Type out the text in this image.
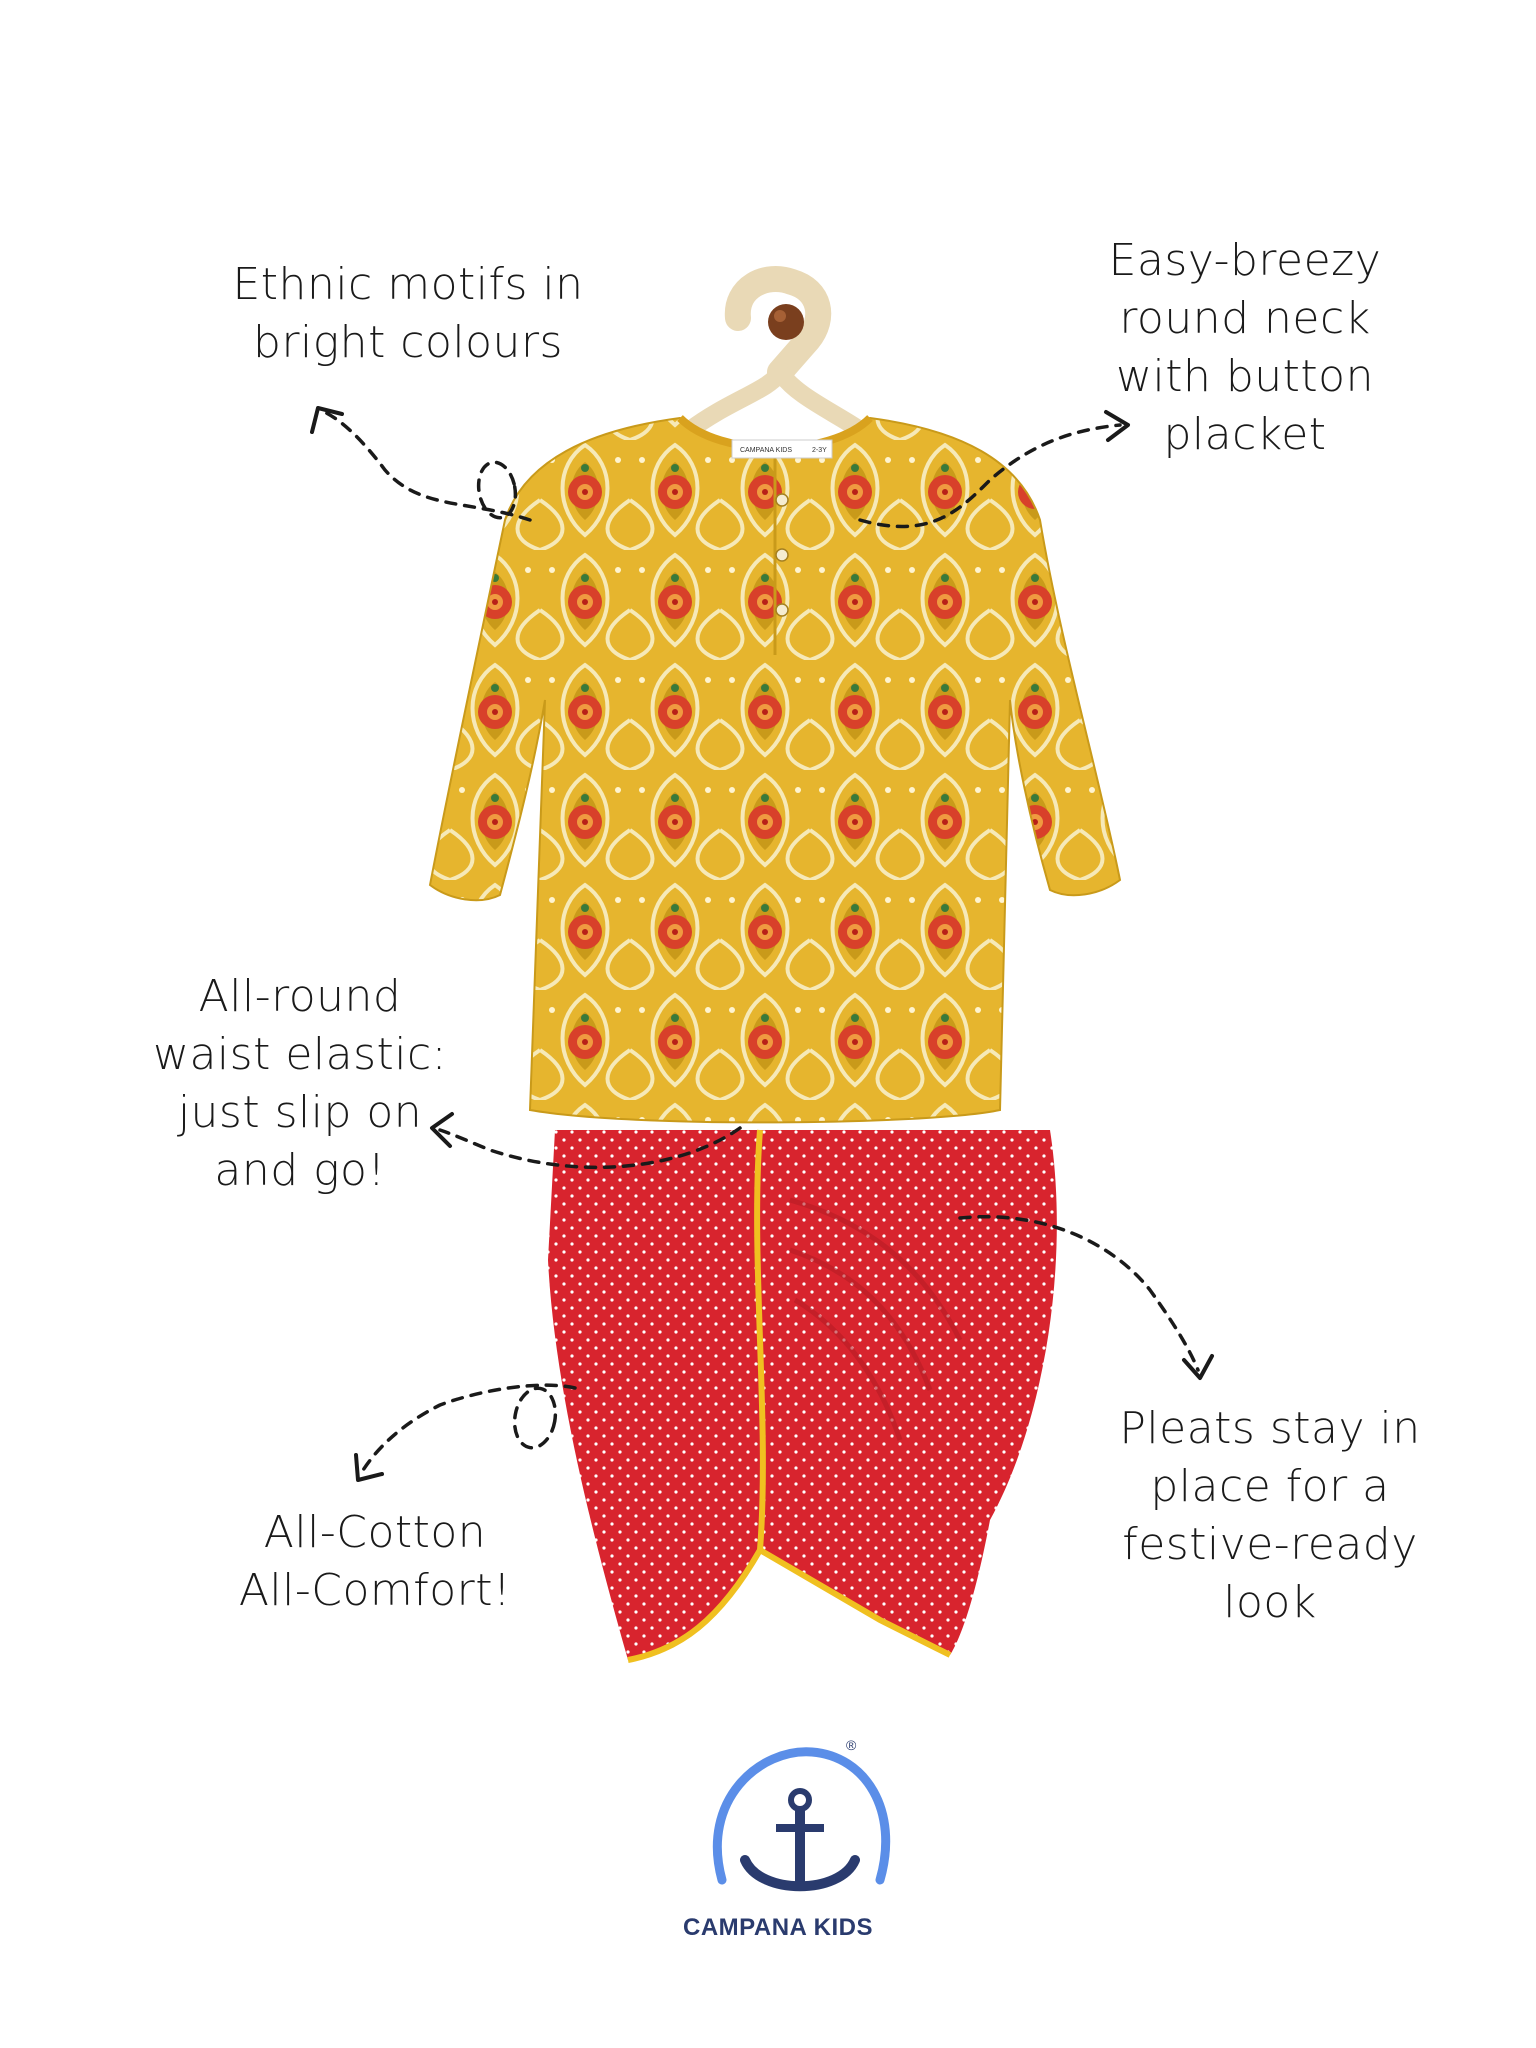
CAMPANA KIDS	2-3Y
Ethnic motifs in
bright colours
Easy-breezy
round neck
with button
placket
All-round
waist elastic:
just slip on
and go!
Pleats stay in
place for a
festive-ready
look
All-Cotton
All-Comfort!
CAMPANA KIDS
®
